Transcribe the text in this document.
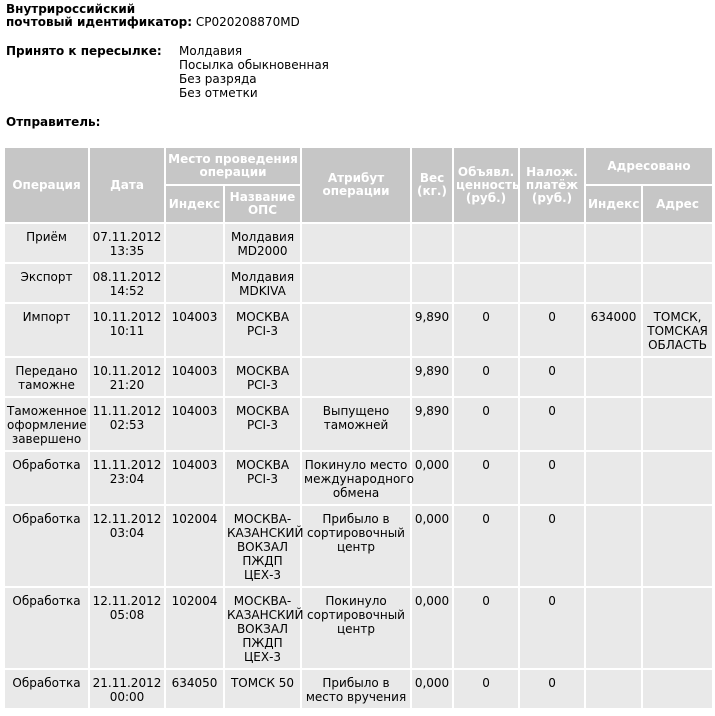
Внутрироссийский
почтовый идентификатор: CP020208870MD
Принято к пересылке: Молдавия
Посылка обыкновенная
Без разряда
Без отметки
Отправитель:
Операция	Дата	Место проведения операции		Атрибут операции	Вес (кг.)	Объявл. ценность (руб.)	Налож. платёж (руб.)	Адресовано	
		Индекс	Название ОПС					Индекс	Адрес
Приём	07.11.2012 13:35		Молдавия MD2000						
Экспорт	08.11.2012 14:52		Молдавия MDKIVA						
Импорт	10.11.2012 10:11	104003	МОСКВА PCI-3		9,890	0	0	634000	ТОМСК, ТОМСКАЯ ОБЛАСТЬ
Передано таможне	10.11.2012 21:20	104003	МОСКВА PCI-3		9,890	0	0		
Таможенное оформление завершено	11.11.2012 02:53	104003	МОСКВА PCI-3	Выпущено таможней	9,890	0	0		
Обработка	11.11.2012 23:04	104003	МОСКВА PCI-3	Покинуло место международного обмена	0,000	0	0		
Обработка	12.11.2012 03:04	102004	МОСКВА-КАЗАНСКИЙ ВОКЗАЛ ПЖДП ЦЕХ-3	Прибыло в сортировочный центр	0,000	0	0		
Обработка	12.11.2012 05:08	102004	МОСКВА-КАЗАНСКИЙ ВОКЗАЛ ПЖДП ЦЕХ-3	Покинуло сортировочный центр	0,000	0	0		
Обработка	21.11.2012 00:00	634050	ТОМСК 50	Прибыло в место вручения	0,000	0	0		
